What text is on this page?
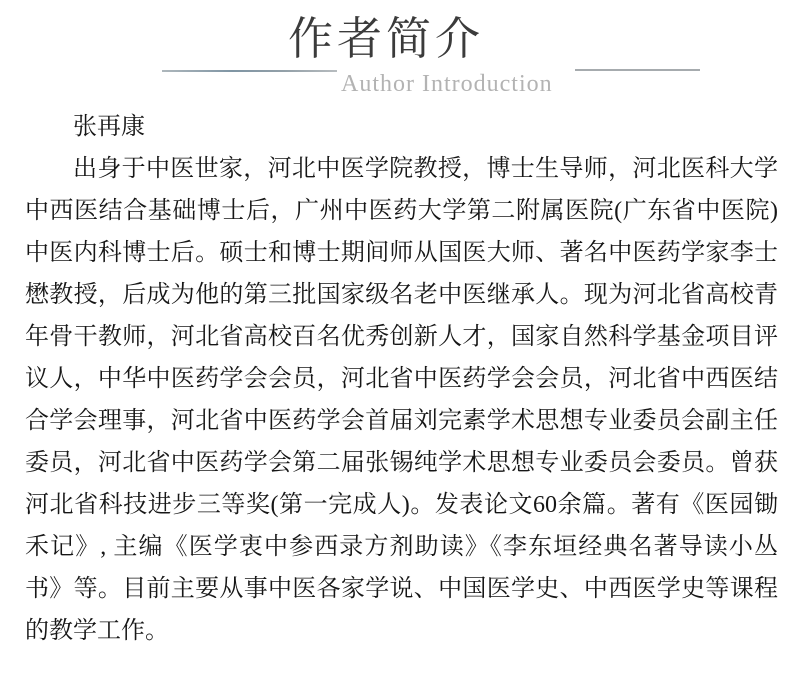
作者简介
Author Introduction
张再康
出身于中医世家，河北中医学院教授，博士生导师，河北医科大学
中西医结合基础博士后，广州中医药大学第二附属医院(广东省中医院)
中医内科博士后。硕士和博士期间师从国医大师、著名中医药学家李士
懋教授，后成为他的第三批国家级名老中医继承人。现为河北省高校青
年骨干教师，河北省高校百名优秀创新人才，国家自然科学基金项目评
议人，中华中医药学会会员，河北省中医药学会会员，河北省中西医结
合学会理事，河北省中医药学会首届刘完素学术思想专业委员会副主任
委员，河北省中医药学会第二届张锡纯学术思想专业委员会委员。曾获
河北省科技进步三等奖(第一完成人)。发表论文60余篇。著有《医园锄
禾记》, 主编《医学衷中参西录方剂助读》《李东垣经典名著导读小丛
书》等。目前主要从事中医各家学说、中国医学史、中西医学史等课程
的教学工作。
